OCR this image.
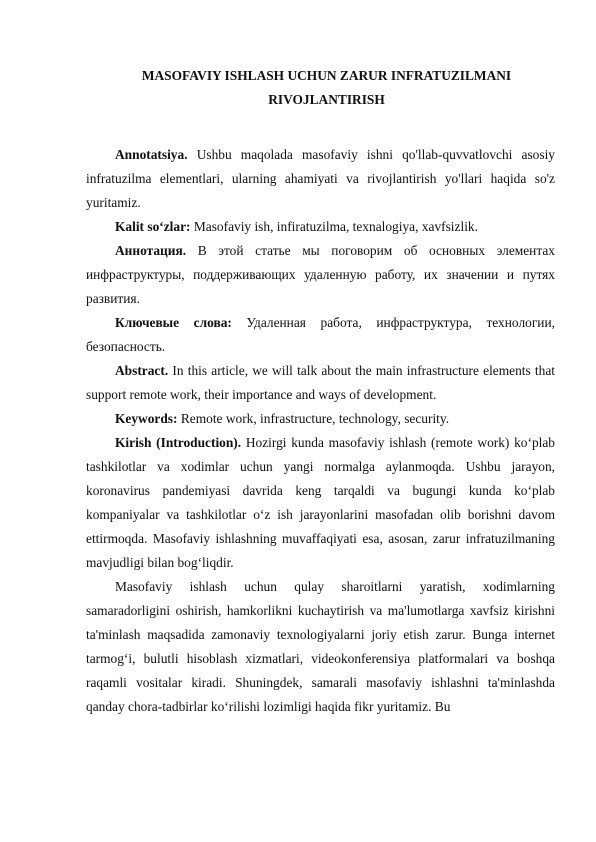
MASOFAVIY ISHLASH UCHUN ZARUR INFRATUZILMANI
RIVOJLANTIRISH

Annotatsiya. Ushbu maqolada masofaviy ishni qo'llab-quvvatlovchi asosiy infratuzilma elementlari, ularning ahamiyati va rivojlantirish yo'llari haqida so'z yuritamiz.

Kalit so‘zlar: Masofaviy ish, infiratuzilma, texnalogiya, xavfsizlik.

Аннотация. В этой статье мы поговорим об основных элементах инфраструктуры, поддерживающих удаленную работу, их значении и путях развития.

Ключевые слова: Удаленная работа, инфраструктура, технологии, безопасность.

Abstract. In this article, we will talk about the main infrastructure elements that support remote work, their importance and ways of development.

Keywords: Remote work, infrastructure, technology, security.

Kirish (Introduction). Hozirgi kunda masofaviy ishlash (remote work) ko‘plab tashkilotlar va xodimlar uchun yangi normalga aylanmoqda. Ushbu jarayon, koronavirus pandemiyasi davrida keng tarqaldi va bugungi kunda ko‘plab kompaniyalar va tashkilotlar o‘z ish jarayonlarini masofadan olib borishni davom ettirmoqda. Masofaviy ishlashning muvaffaqiyati esa, asosan, zarur infratuzilmaning mavjudligi bilan bog‘liqdir.

Masofaviy ishlash uchun qulay sharoitlarni yaratish, xodimlarning samaradorligini oshirish, hamkorlikni kuchaytirish va ma'lumotlarga xavfsiz kirishni ta'minlash maqsadida zamonaviy texnologiyalarni joriy etish zarur. Bunga internet tarmog‘i, bulutli hisoblash xizmatlari, videokonferensiya platformalari va boshqa raqamli vositalar kiradi. Shuningdek, samarali masofaviy ishlashni ta'minlashda qanday chora-tadbirlar ko‘rilishi lozimligi haqida fikr yuritamiz. Bu
